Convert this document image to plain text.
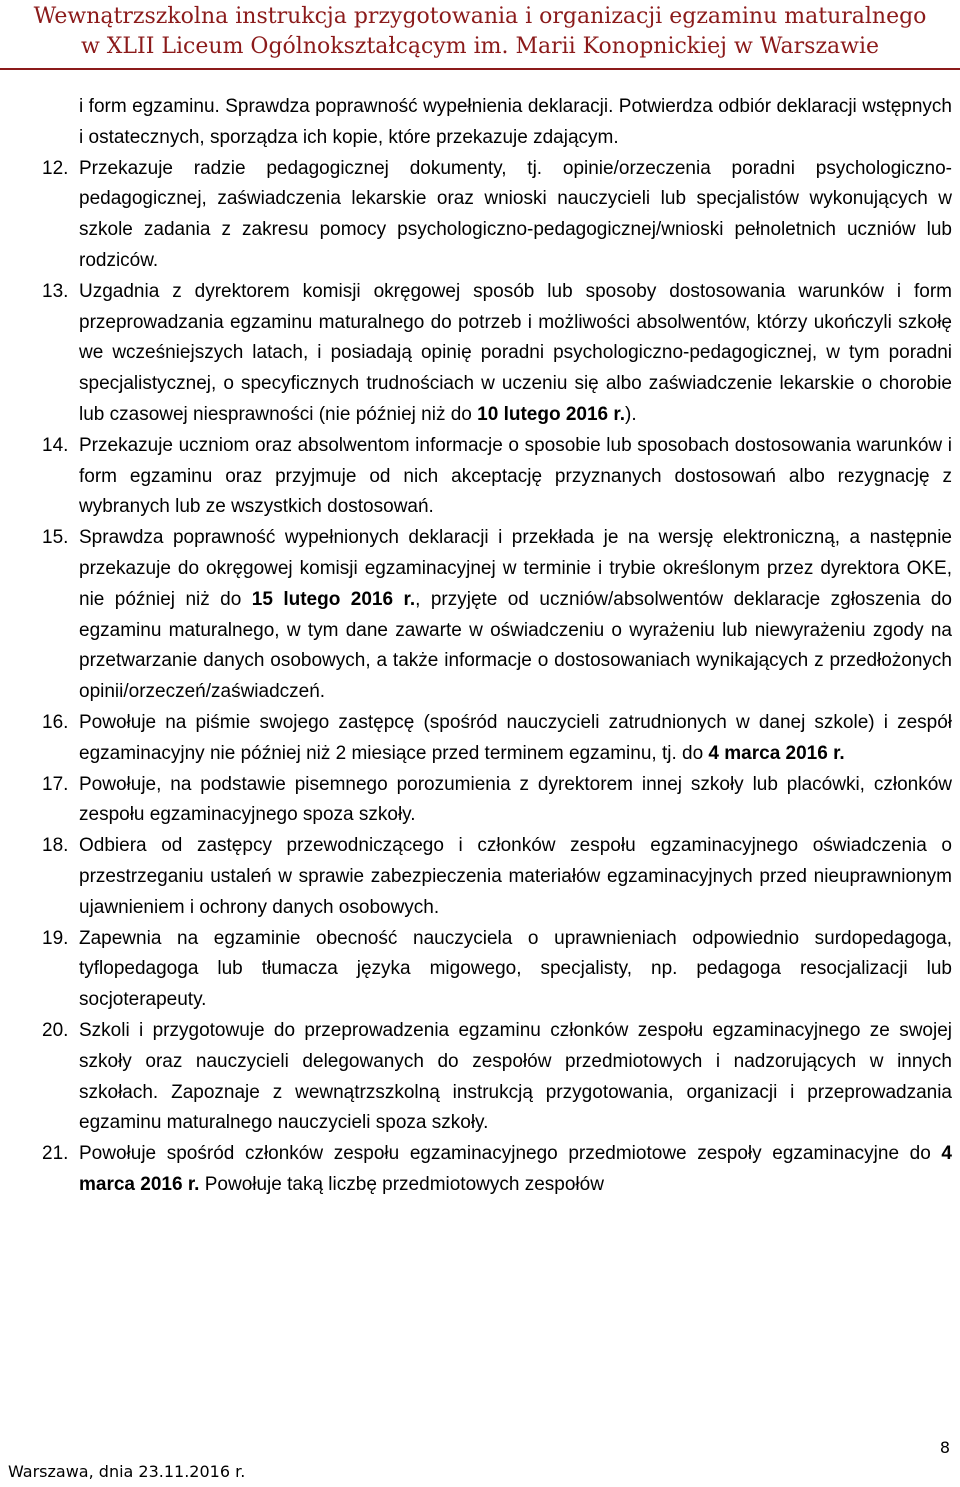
Wewnątrzszkolna instrukcja przygotowania i organizacji egzaminu maturalnego
w XLII Liceum Ogólnokształcącym im. Marii Konopnickiej w Warszawie

i form egzaminu. Sprawdza poprawność wypełnienia deklaracji. Potwierdza odbiór deklaracji wstępnych i ostatecznych, sporządza ich kopie, które przekazuje zdającym.

12. Przekazuje radzie pedagogicznej dokumenty, tj. opinie/orzeczenia poradni psychologiczno-pedagogicznej, zaświadczenia lekarskie oraz wnioski nauczycieli lub specjalistów wykonujących w szkole zadania z zakresu pomocy psychologiczno-pedagogicznej/wnioski pełnoletnich uczniów lub rodziców.
13. Uzgadnia z dyrektorem komisji okręgowej sposób lub sposoby dostosowania warunków i form przeprowadzania egzaminu maturalnego do potrzeb i możliwości absolwentów, którzy ukończyli szkołę we wcześniejszych latach, i posiadają opinię poradni psychologiczno-pedagogicznej, w tym poradni specjalistycznej, o specyficznych trudnościach w uczeniu się albo zaświadczenie lekarskie o chorobie lub czasowej niesprawności (nie później niż do 10 lutego 2016 r.).
14. Przekazuje uczniom oraz absolwentom informacje o sposobie lub sposobach dostosowania warunków i form egzaminu oraz przyjmuje od nich akceptację przyznanych dostosowań albo rezygnację z wybranych lub ze wszystkich dostosowań.
15. Sprawdza poprawność wypełnionych deklaracji i przekłada je na wersję elektroniczną, a następnie przekazuje do okręgowej komisji egzaminacyjnej w terminie i trybie określonym przez dyrektora OKE, nie później niż do 15 lutego 2016 r., przyjęte od uczniów/absolwentów deklaracje zgłoszenia do egzaminu maturalnego, w tym dane zawarte w oświadczeniu o wyrażeniu lub niewyrażeniu zgody na przetwarzanie danych osobowych, a także informacje o dostosowaniach wynikających z przedłożonych opinii/orzeczeń/zaświadczeń.
16. Powołuje na piśmie swojego zastępcę (spośród nauczycieli zatrudnionych w danej szkole) i zespół egzaminacyjny nie później niż 2 miesiące przed terminem egzaminu, tj. do 4 marca 2016 r.
17. Powołuje, na podstawie pisemnego porozumienia z dyrektorem innej szkoły lub placówki, członków zespołu egzaminacyjnego spoza szkoły.
18. Odbiera od zastępcy przewodniczącego i członków zespołu egzaminacyjnego oświadczenia o przestrzeganiu ustaleń w sprawie zabezpieczenia materiałów egzaminacyjnych przed nieuprawnionym ujawnieniem i ochrony danych osobowych.
19. Zapewnia na egzaminie obecność nauczyciela o uprawnieniach odpowiednio surdopedagoga, tyflopedagoga lub tłumacza języka migowego, specjalisty, np. pedagoga resocjalizacji lub socjoterapeuty.
20. Szkoli i przygotowuje do przeprowadzenia egzaminu członków zespołu egzaminacyjnego ze swojej szkoły oraz nauczycieli delegowanych do zespołów przedmiotowych i nadzorujących w innych szkołach. Zapoznaje z wewnątrzszkolną instrukcją przygotowania, organizacji i przeprowadzania egzaminu maturalnego nauczycieli spoza szkoły.
21. Powołuje spośród członków zespołu egzaminacyjnego przedmiotowe zespoły egzaminacyjne do 4 marca 2016 r. Powołuje taką liczbę przedmiotowych zespołów
8
Warszawa, dnia 23.11.2016 r.
